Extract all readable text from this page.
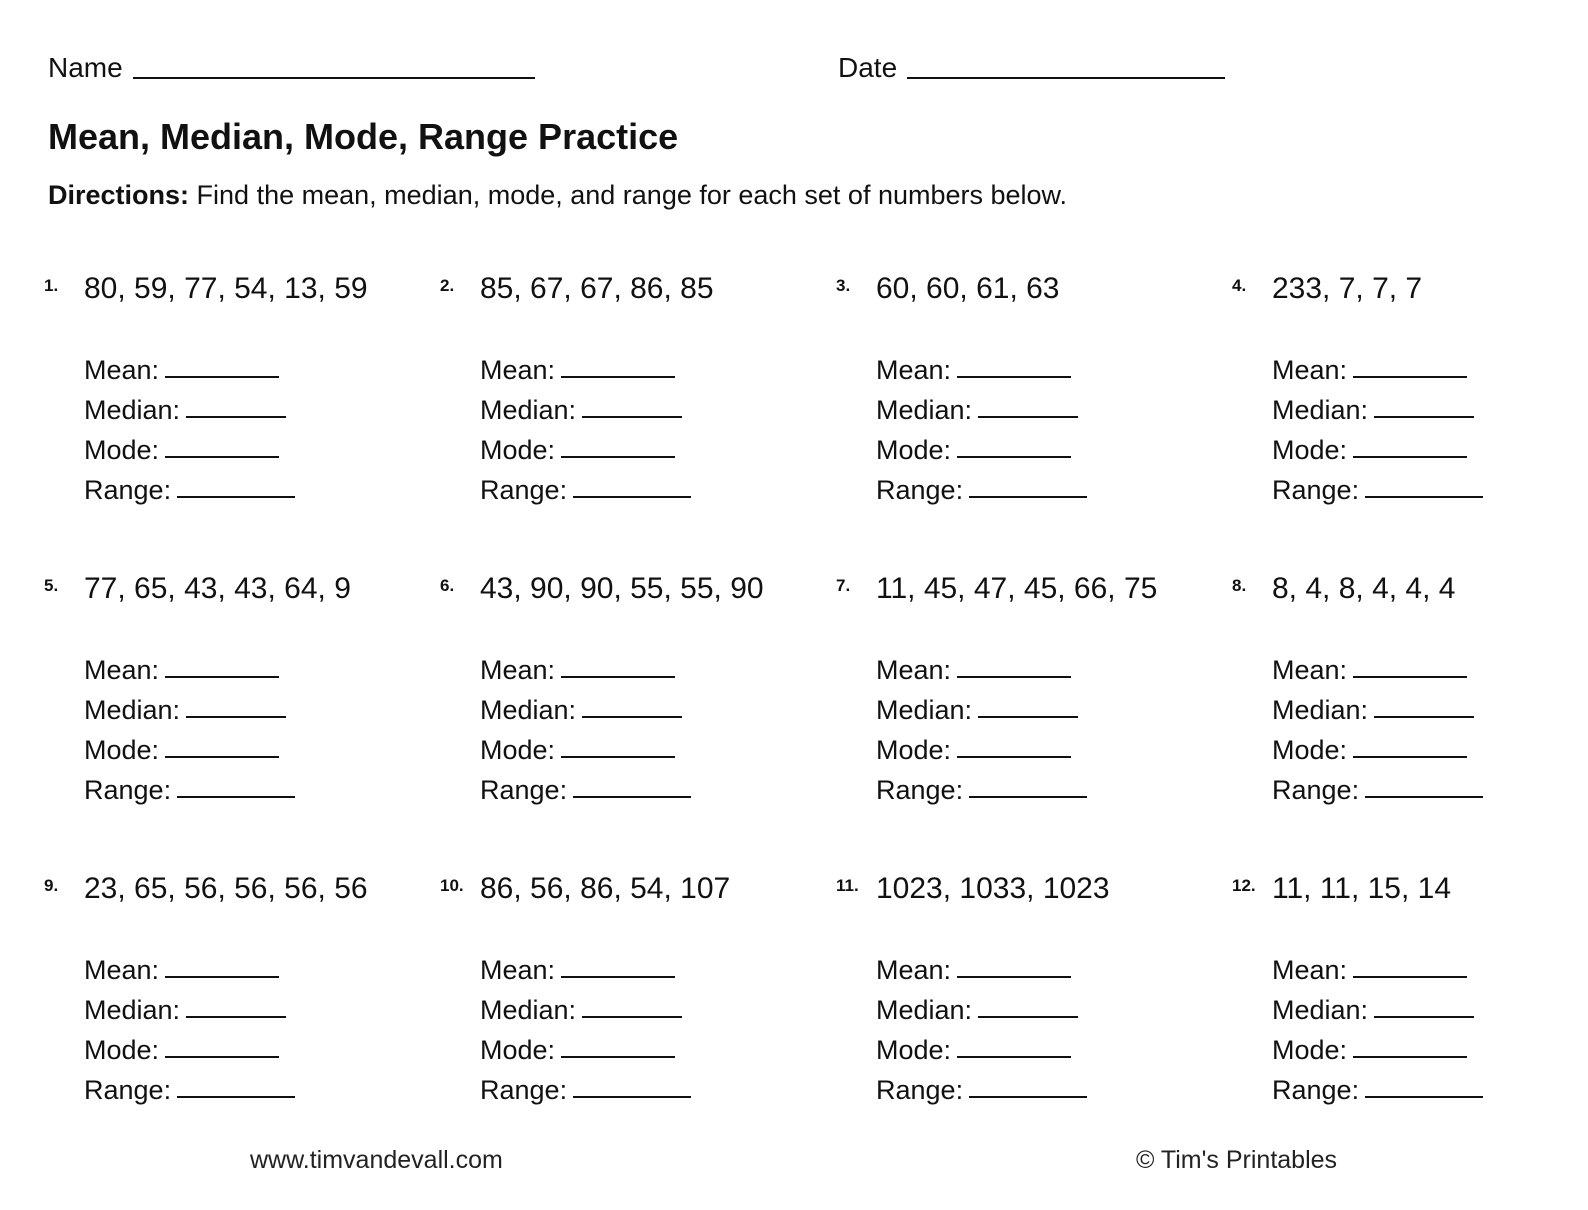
Name	Date
Mean, Median, Mode, Range Practice
Directions: Find the mean, median, mode, and range for each set of numbers below.
1. 80, 59, 77, 54, 13, 59
Mean:
Median:
Mode:
Range:
2. 85, 67, 67, 86, 85
Mean:
Median:
Mode:
Range:
3. 60, 60, 61, 63
Mean:
Median:
Mode:
Range:
4. 233, 7, 7, 7
Mean:
Median:
Mode:
Range:
5. 77, 65, 43, 43, 64, 9
Mean:
Median:
Mode:
Range:
6. 43, 90, 90, 55, 55, 90
Mean:
Median:
Mode:
Range:
7. 11, 45, 47, 45, 66, 75
Mean:
Median:
Mode:
Range:
8. 8, 4, 8, 4, 4, 4
Mean:
Median:
Mode:
Range:
9. 23, 65, 56, 56, 56, 56
Mean:
Median:
Mode:
Range:
10. 86, 56, 86, 54, 107
Mean:
Median:
Mode:
Range:
11. 1023, 1033, 1023
Mean:
Median:
Mode:
Range:
12. 11, 11, 15, 14
Mean:
Median:
Mode:
Range:
www.timvandevall.com	© Tim's Printables
